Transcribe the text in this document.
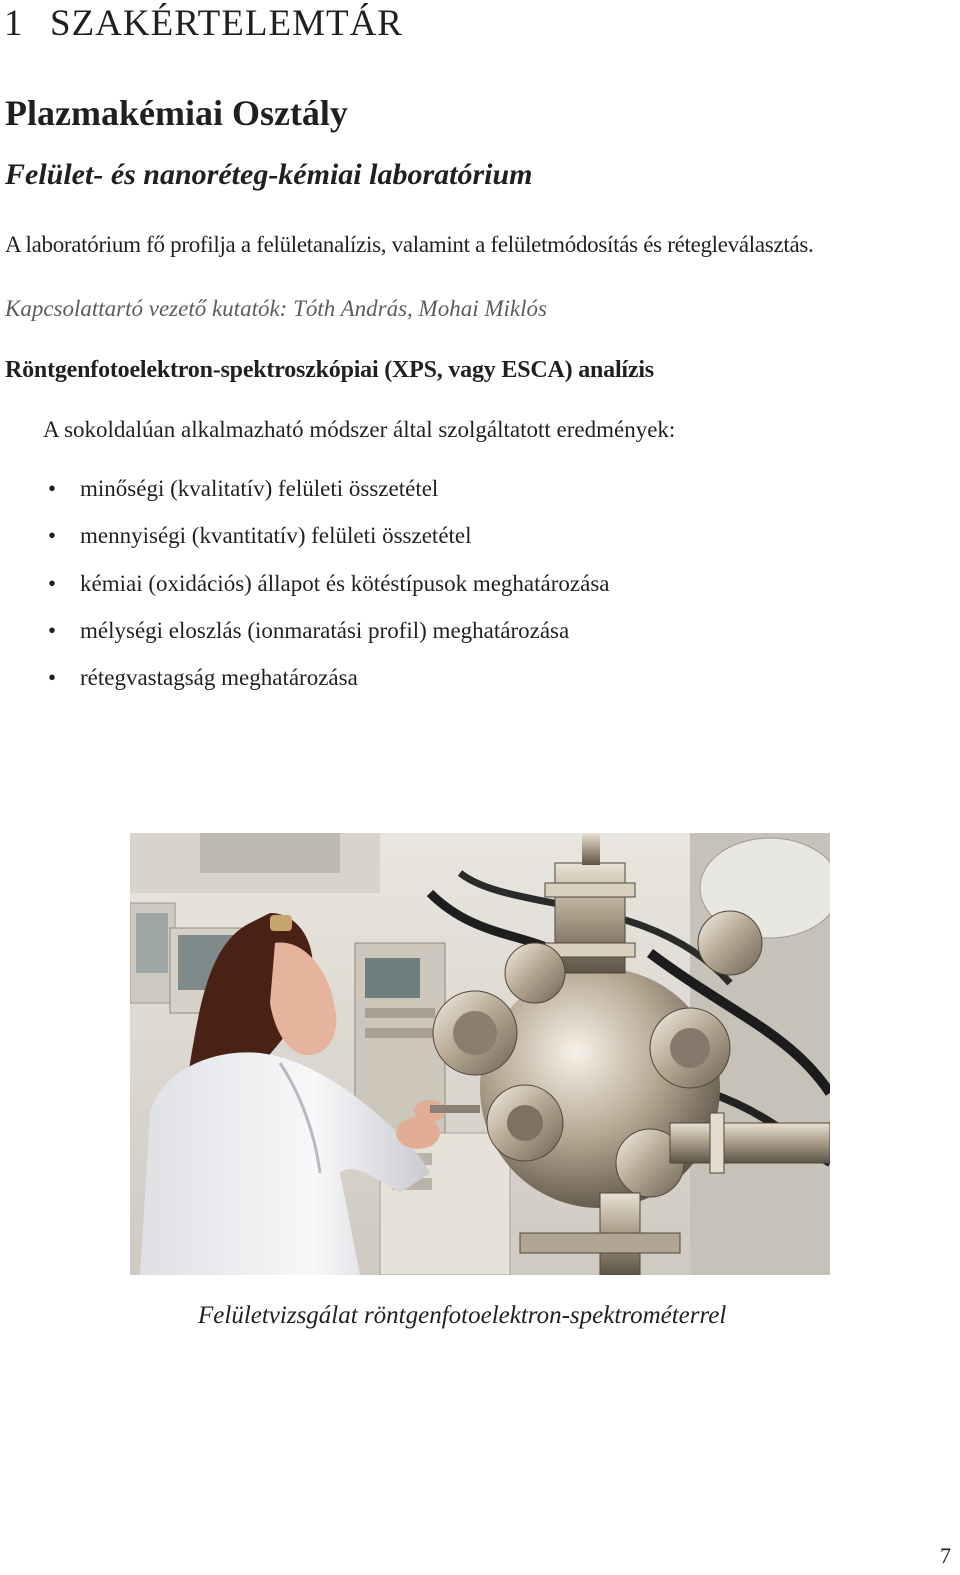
1 SZAKÉRTELEMTÁR
Plazmakémiai Osztály
Felület- és nanoréteg-kémiai laboratórium
A laboratórium fő profilja a felületanalízis, valamint a felületmódosítás és rétegleválasztás.
Kapcsolattartó vezető kutatók: Tóth András, Mohai Miklós
Röntgenfotoelektron-spektroszkópiai (XPS, vagy ESCA) analízis
A sokoldalúan alkalmazható módszer által szolgáltatott eredmények:
•	minőségi (kvalitatív) felületi összetétel
•	mennyiségi (kvantitatív) felületi összetétel
•	kémiai (oxidációs) állapot és kötéstípusok meghatározása
•	mélységi eloszlás (ionmaratási profil) meghatározása
•	rétegvastagság meghatározása
Felületvizsgálat röntgenfotoelektron-spektrométerrel
7
